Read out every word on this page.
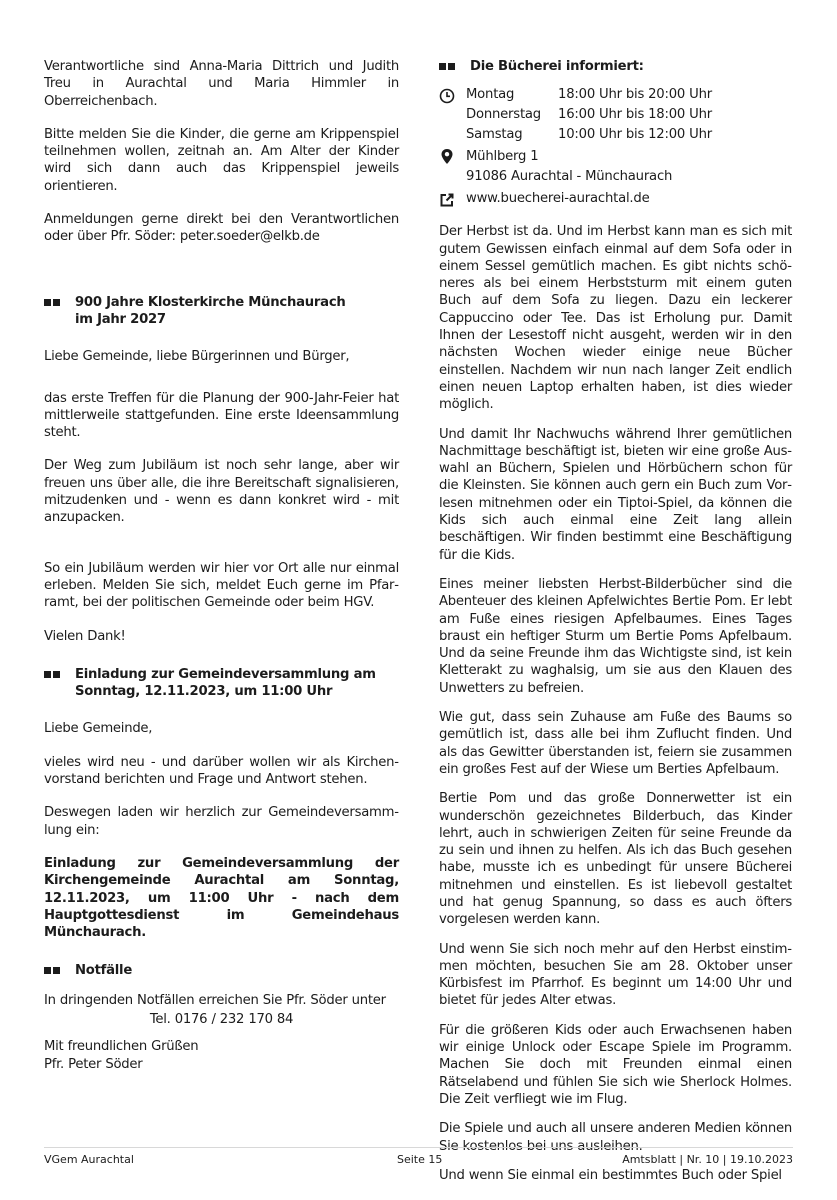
Verantwortliche sind Anna-Maria Dittrich und Judith Treu in Aurachtal und Maria Himmler in Oberreichenbach.

Bitte melden Sie die Kinder, die gerne am Krippenspiel teilnehmen wollen, zeitnah an. Am Alter der Kinder wird sich dann auch das Krippenspiel jeweils orientieren.

Anmeldungen gerne direkt bei den Verantwortlichen oder über Pfr. Söder: peter.soeder@elkb.de

900 Jahre Klosterkirche Münchaurach
im Jahr 2027

Liebe Gemeinde, liebe Bürgerinnen und Bürger,

das erste Treffen für die Planung der 900-Jahr-Feier hat mittlerweile stattgefunden. Eine erste Ideensammlung steht.

Der Weg zum Jubiläum ist noch sehr lange, aber wir freuen uns über alle, die ihre Bereitschaft signalisieren, mitzudenken und - wenn es dann konkret wird - mit anzupacken.

So ein Jubiläum werden wir hier vor Ort alle nur einmal erleben. Melden Sie sich, meldet Euch gerne im Pfarramt, bei der politischen Gemeinde oder beim HGV.

Vielen Dank!

Einladung zur Gemeindeversammlung am
Sonntag, 12.11.2023, um 11:00 Uhr

Liebe Gemeinde,

vieles wird neu - und darüber wollen wir als Kirchenvorstand berichten und Frage und Antwort stehen.

Deswegen laden wir herzlich zur Gemeindeversammlung ein:

Einladung zur Gemeindeversammlung der Kirchengemeinde Aurachtal am Sonntag, 12.11.2023, um 11:00 Uhr - nach dem Hauptgottesdienst im Gemeindehaus Münchaurach.

Notfälle

In dringenden Notfällen erreichen Sie Pfr. Söder unter

Tel. 0176 / 232 170 84

Mit freundlichen Grüßen

Pfr. Peter Söder

Die Bücherei informiert:
Montag	18:00 Uhr bis 20:00 Uhr
Donnerstag 16:00 Uhr bis 18:00 Uhr
Samstag	10:00 Uhr bis 12:00 Uhr
Mühlberg 1
91086 Aurachtal - Münchaurach
www.buecherei-aurachtal.de

Der Herbst ist da. Und im Herbst kann man es sich mit gutem Gewissen einfach einmal auf dem Sofa oder in einem Sessel gemütlich machen. Es gibt nichts schöneres als bei einem Herbststurm mit einem guten Buch auf dem Sofa zu liegen. Dazu ein leckerer Cappuccino oder Tee. Das ist Erholung pur. Damit Ihnen der Lesestoff nicht ausgeht, werden wir in den nächsten Wochen wieder einige neue Bücher einstellen. Nachdem wir nun nach langer Zeit endlich einen neuen Laptop erhalten haben, ist dies wieder möglich.

Und damit Ihr Nachwuchs während Ihrer gemütlichen Nachmittage beschäftigt ist, bieten wir eine große Auswahl an Büchern, Spielen und Hörbüchern schon für die Kleinsten. Sie können auch gern ein Buch zum Vorlesen mitnehmen oder ein Tiptoi-Spiel, da können die Kids sich auch einmal eine Zeit lang allein beschäftigen. Wir finden bestimmt eine Beschäftigung für die Kids.

Eines meiner liebsten Herbst-Bilderbücher sind die Abenteuer des kleinen Apfelwichtes Bertie Pom. Er lebt am Fuße eines riesigen Apfelbaumes. Eines Tages braust ein heftiger Sturm um Bertie Poms Apfelbaum. Und da seine Freunde ihm das Wichtigste sind, ist kein Kletterakt zu waghalsig, um sie aus den Klauen des Unwetters zu befreien.

Wie gut, dass sein Zuhause am Fuße des Baums so gemütlich ist, dass alle bei ihm Zuflucht finden. Und als das Gewitter überstanden ist, feiern sie zusammen ein großes Fest auf der Wiese um Berties Apfelbaum.

Bertie Pom und das große Donnerwetter ist ein wunderschön gezeichnetes Bilderbuch, das Kinder lehrt, auch in schwierigen Zeiten für seine Freunde da zu sein und ihnen zu helfen. Als ich das Buch gesehen habe, musste ich es unbedingt für unsere Bücherei mitnehmen und einstellen. Es ist liebevoll gestaltet und hat genug Spannung, so dass es auch öfters vorgelesen werden kann.

Und wenn Sie sich noch mehr auf den Herbst einstimmen möchten, besuchen Sie am 28. Oktober unser Kürbisfest im Pfarrhof. Es beginnt um 14:00 Uhr und bietet für jedes Alter etwas.

Für die größeren Kids oder auch Erwachsenen haben wir einige Unlock oder Escape Spiele im Programm. Machen Sie doch mit Freunden einmal einen Rätselabend und fühlen Sie sich wie Sherlock Holmes. Die Zeit verfliegt wie im Flug.

Die Spiele und auch all unsere anderen Medien können Sie kostenlos bei uns ausleihen.

Und wenn Sie einmal ein bestimmtes Buch oder Spiel

VGem Aurachtal	Seite 15	Amtsblatt | Nr. 10 | 19.10.2023
